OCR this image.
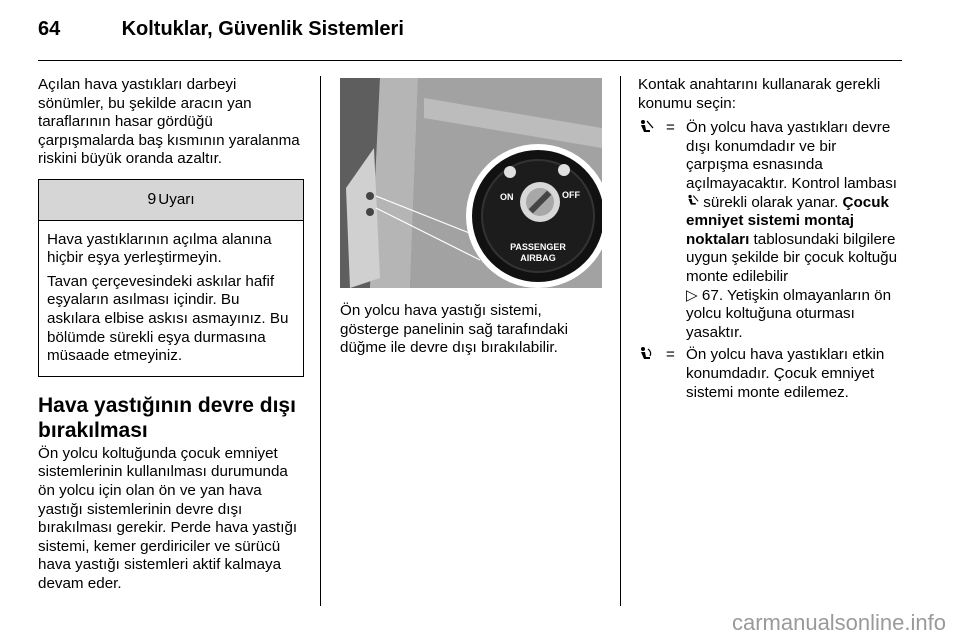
64	Koltuklar, Güvenlik Sistemleri

Açılan hava yastıkları darbeyi sönümler, bu şekilde aracın yan taraflarının hasar gördüğü çarpışmalarda baş kısmının yaralanma riskini büyük oranda azaltır.

9 Uyarı

Hava yastıklarının açılma alanına hiçbir eşya yerleştirmeyin.

Tavan çerçevesindeki askılar hafif eşyaların asılması içindir. Bu askılara elbise askısı asmayınız. Bu bölümde sürekli eşya durmasına müsaade etmeyiniz.

Hava yastığının devre dışı bırakılması

Ön yolcu koltuğunda çocuk emniyet sistemlerinin kullanılması durumunda ön yolcu için olan ön ve yan hava yastığı sistemlerinin devre dışı bırakılması gerekir. Perde hava yastığı sistemi, kemer gerdiriciler ve sürücü hava yastığı sistemleri aktif kalmaya devam eder.

ON	OFF
PASSENGER
AIRBAG

Ön yolcu hava yastığı sistemi, gösterge panelinin sağ tarafındaki düğme ile devre dışı bırakılabilir.

Kontak anahtarını kullanarak gerekli konumu seçin:

= Ön yolcu hava yastıkları devre dışı konumdadır ve bir çarpışma esnasında açılmayacaktır. Kontrol lambası  sürekli olarak yanar. Çocuk emniyet sistemi montaj noktaları tablosundaki bilgilere uygun şekilde bir çocuk koltuğu monte edilebilir
▷ 67. Yetişkin olmayanların ön yolcu koltuğuna oturması yasaktır.
= Ön yolcu hava yastıkları etkin konumdadır. Çocuk emniyet sistemi monte edilemez.
carmanualsonline.info
